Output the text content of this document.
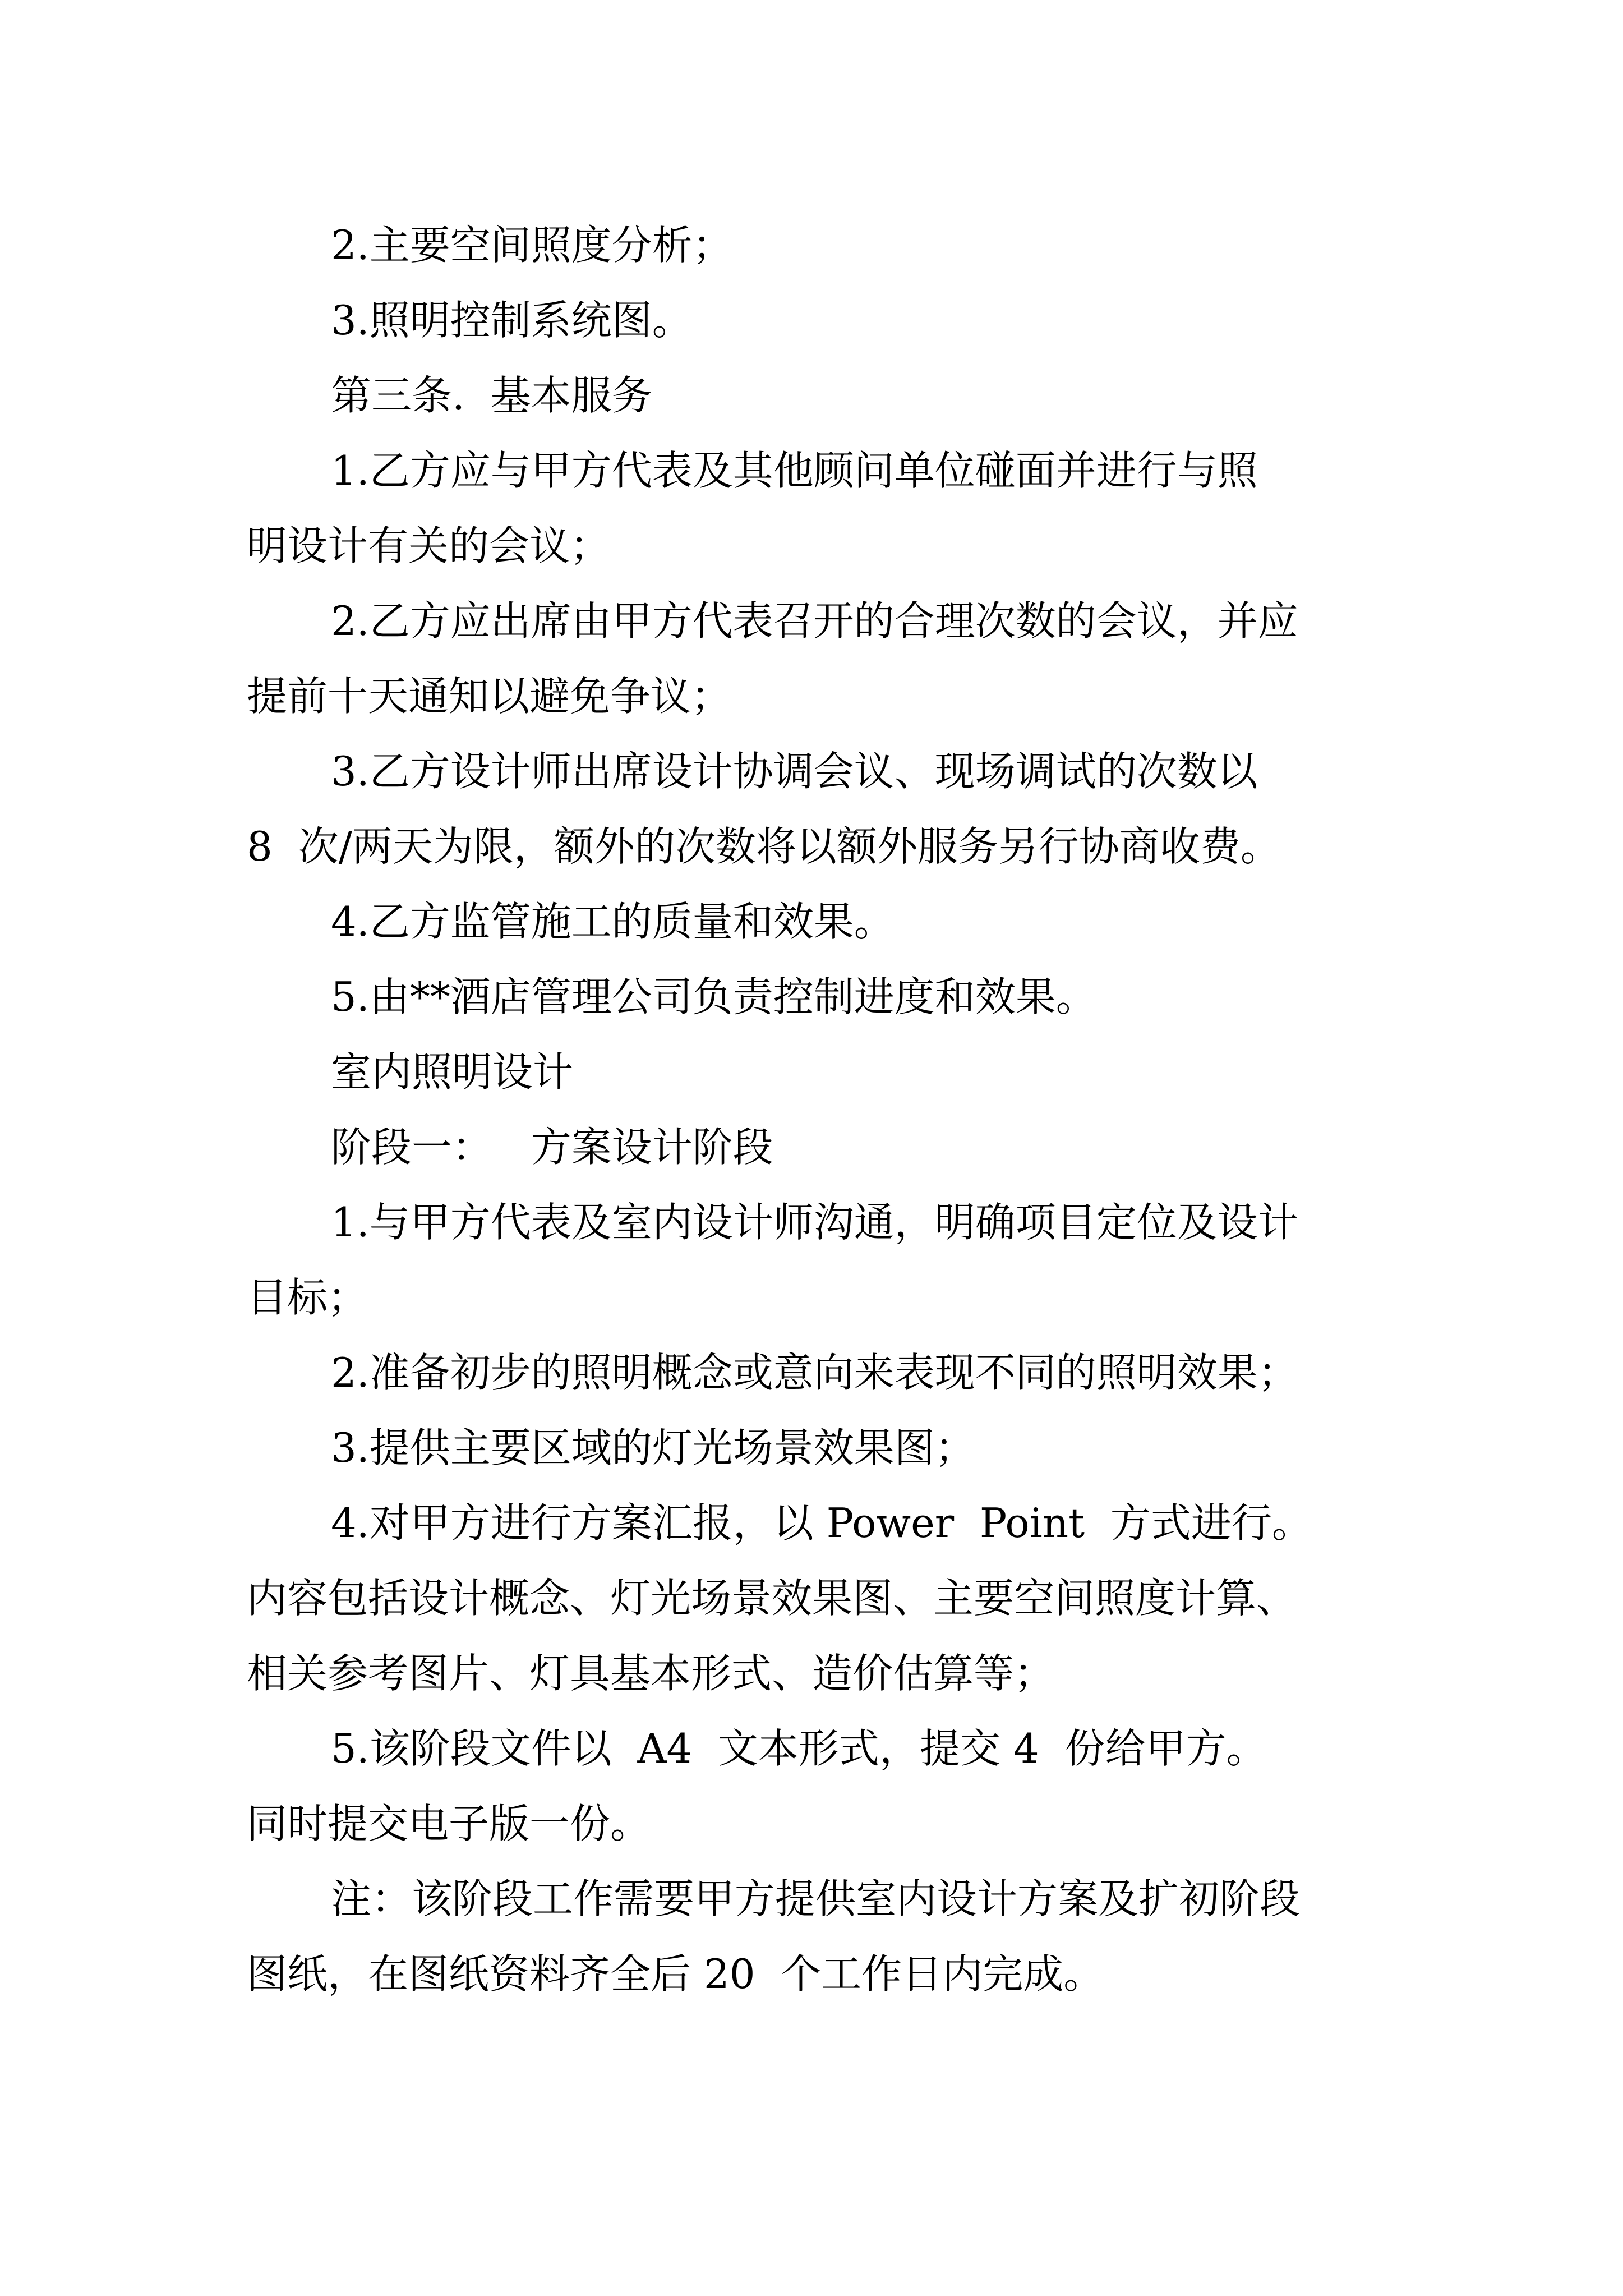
2.主要空间照度分析；

3.照明控制系统图。

第三条.  基本服务

1.乙方应与甲方代表及其他顾问单位碰面并进行与照

明设计有关的会议；

2.乙方应出席由甲方代表召开的合理次数的会议，并应

提前十天通知以避免争议；

3.乙方设计师出席设计协调会议、现场调试的次数以

8  次/两天为限，额外的次数将以额外服务另行协商收费。

4.乙方监管施工的质量和效果。

5.由**酒店管理公司负责控制进度和效果。

室内照明设计

阶段一：   方案设计阶段

1.与甲方代表及室内设计师沟通，明确项目定位及设计

目标；

2.准备初步的照明概念或意向来表现不同的照明效果；

3.提供主要区域的灯光场景效果图；

4.对甲方进行方案汇报，以 Power  Point  方式进行。

内容包括设计概念、灯光场景效果图、主要空间照度计算、

相关参考图片、灯具基本形式、造价估算等；

5.该阶段文件以  A4  文本形式，提交 4  份给甲方。

同时提交电子版一份。

注：该阶段工作需要甲方提供室内设计方案及扩初阶段

图纸，在图纸资料齐全后 20  个工作日内完成。
